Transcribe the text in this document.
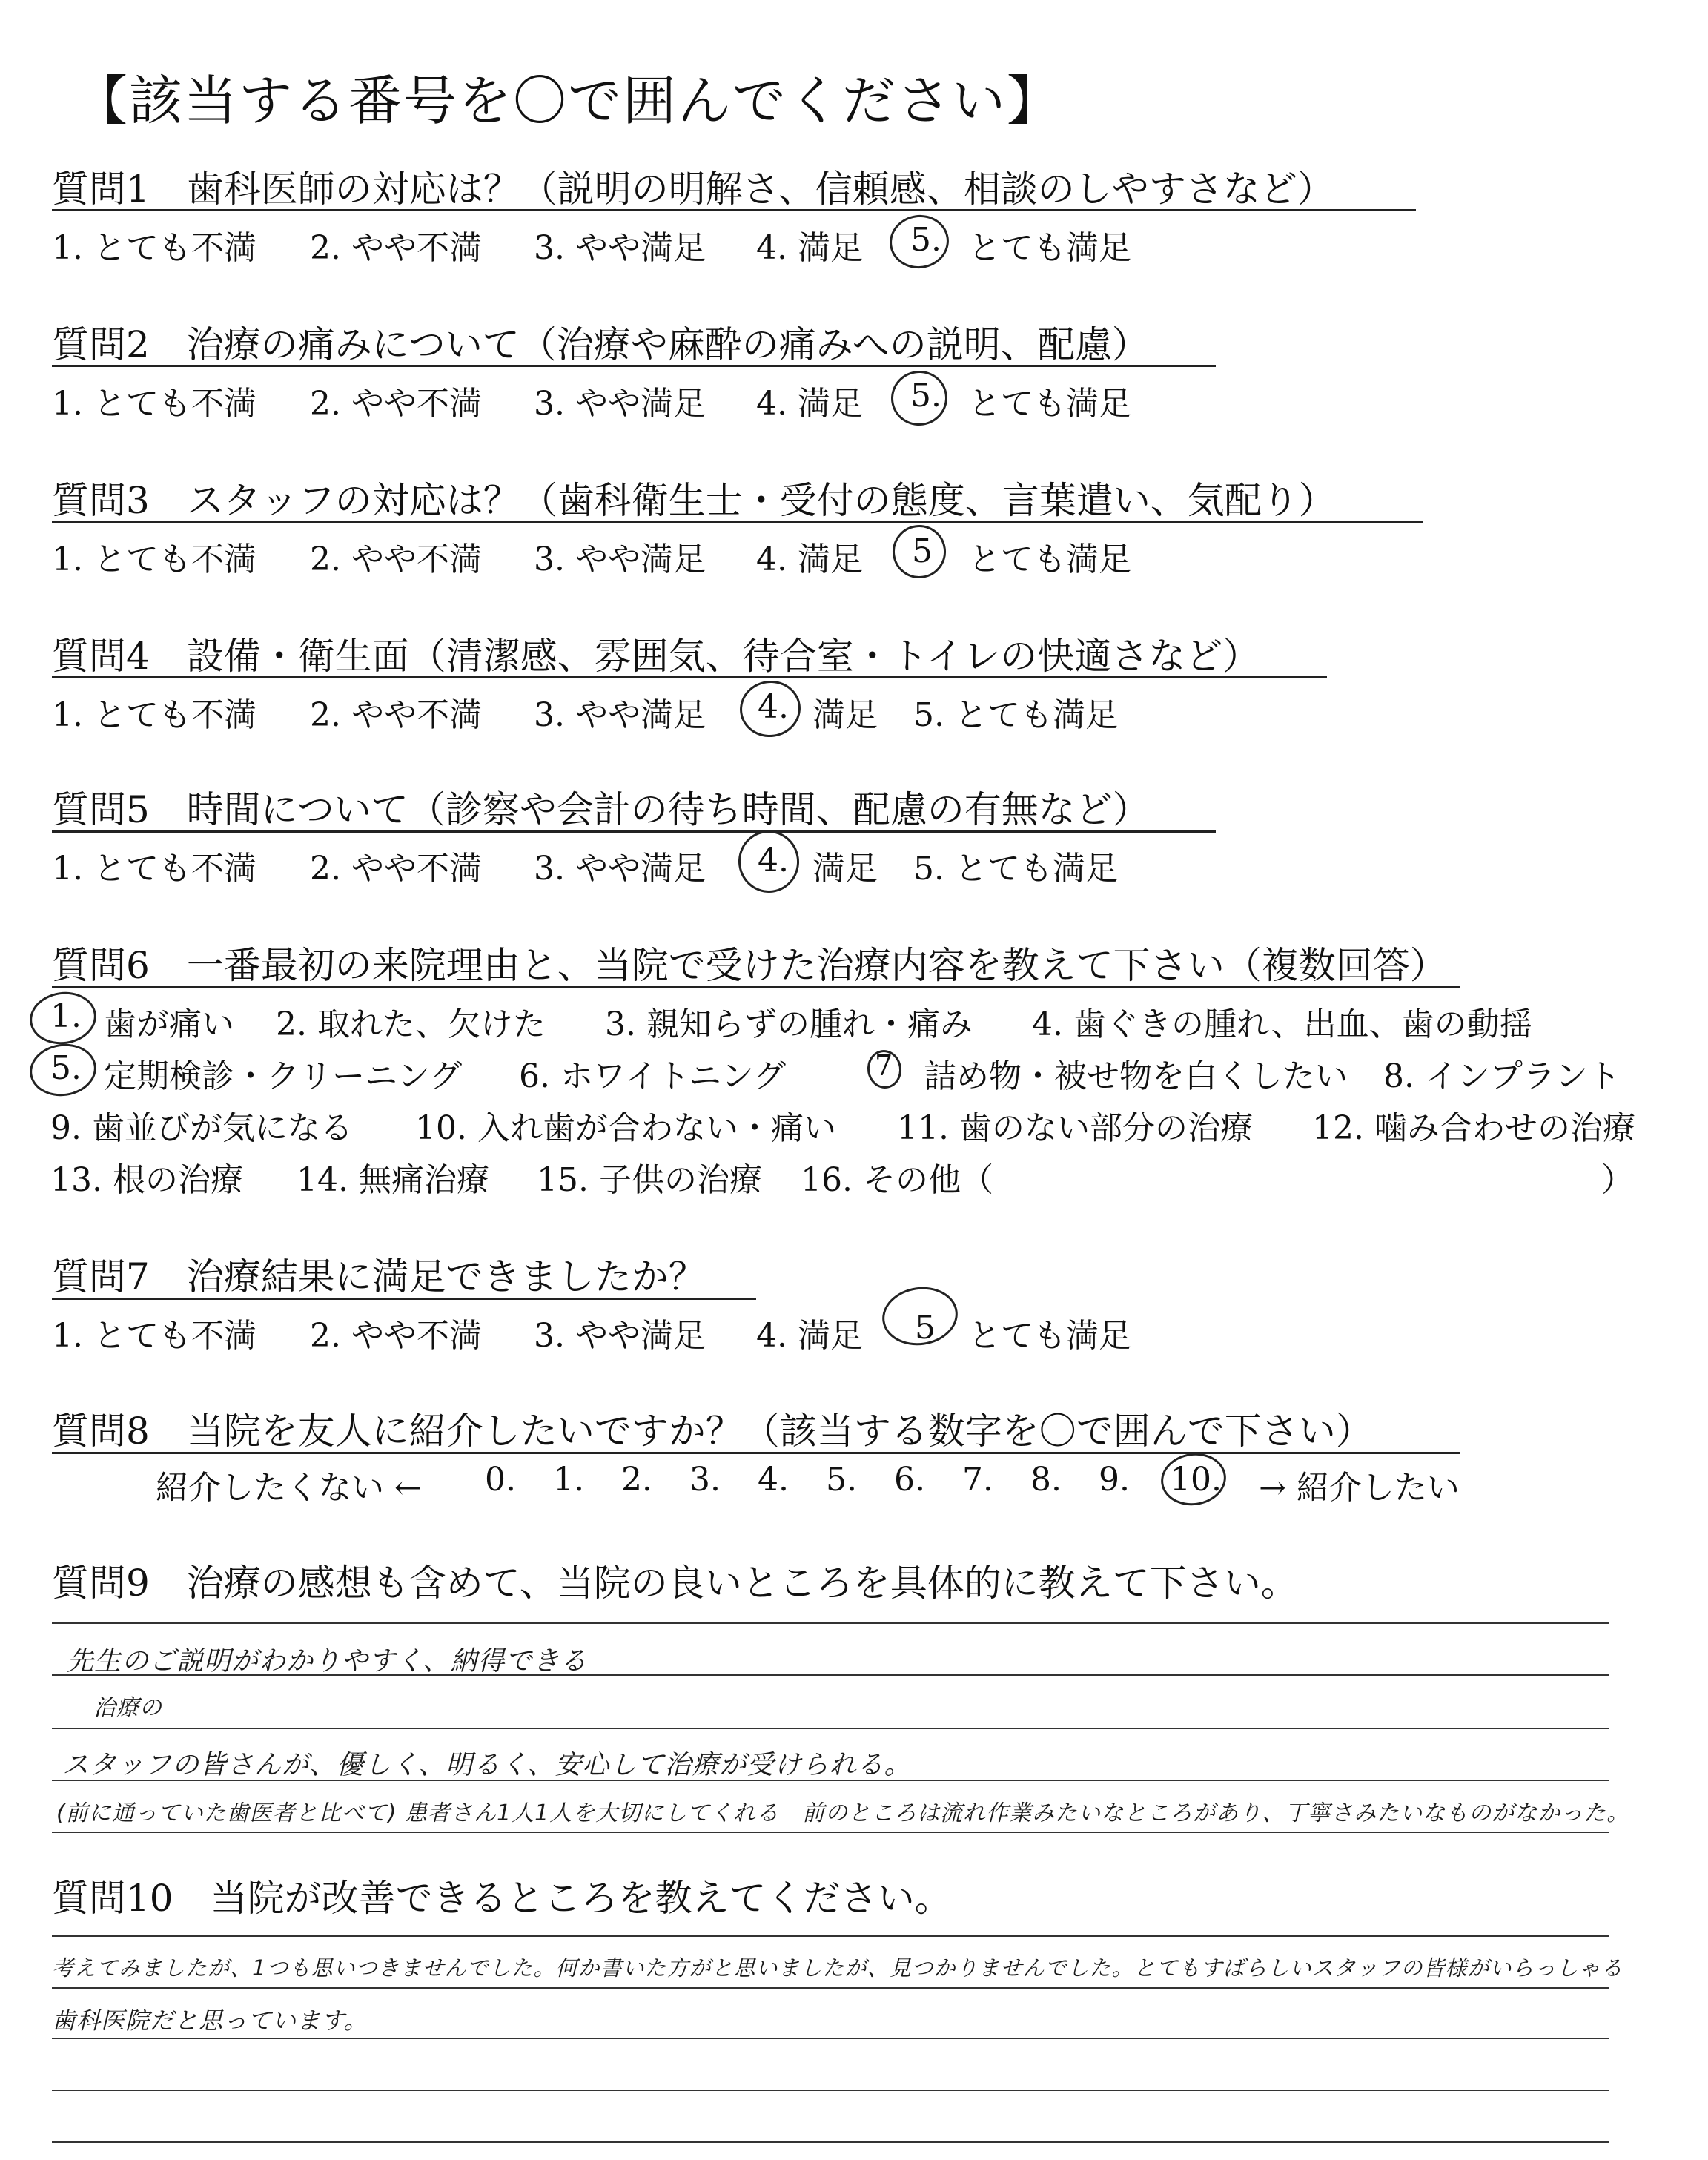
【該当する番号を〇で囲んでください】
質問1　歯科医師の対応は？（説明の明解さ、信頼感、相談のしやすさなど）
1. とても不満 2. やや不満 3. やや満足 4. 満足 5. とても満足
質問2　治療の痛みについて（治療や麻酔の痛みへの説明、配慮）
1. とても不満 2. やや不満 3. やや満足 4. 満足 5. とても満足
質問3　スタッフの対応は？（歯科衛生士・受付の態度、言葉遣い、気配り）
1. とても不満 2. やや不満 3. やや満足 4. 満足 5 とても満足
質問4　設備・衛生面（清潔感、雰囲気、待合室・トイレの快適さなど）
1. とても不満 2. やや不満 3. やや満足 4. 満足 5. とても満足
質問5　時間について（診察や会計の待ち時間、配慮の有無など）
1. とても不満 2. やや不満 3. やや満足 4. 満足 5. とても満足
質問6　一番最初の来院理由と、当院で受けた治療内容を教えて下さい（複数回答）
1. 歯が痛い 2. 取れた、欠けた 3. 親知らずの腫れ・痛み 4. 歯ぐきの腫れ、出血、歯の動揺
5. 定期検診・クリーニング 6. ホワイトニング	7 詰め物・被せ物を白くしたい 8. インプラント
9. 歯並びが気になる 10. 入れ歯が合わない・痛い 11. 歯のない部分の治療 12. 噛み合わせの治療
13. 根の治療 14. 無痛治療 15. 子供の治療 16. その他（	）
質問7　治療結果に満足できましたか？
1. とても不満 2. やや不満 3. やや満足 4. 満足 5 とても満足
質問8　当院を友人に紹介したいですか？（該当する数字を〇で囲んで下さい）
紹介したくない ← 0. 1. 2. 3. 4. 5. 6. 7. 8. 9. 10. → 紹介したい
質問9　治療の感想も含めて、当院の良いところを具体的に教えて下さい。
先生のご説明がわかりやすく、納得できる
治療の
スタッフの皆さんが、優しく、明るく、安心して治療が受けられる。
(前に通っていた歯医者と比べて) 患者さん1人1人を大切にしてくれる　前のところは流れ作業みたいなところがあり、丁寧さみたいなものがなかった。
質問10　当院が改善できるところを教えてください。
考えてみましたが、1つも思いつきませんでした。何か書いた方がと思いましたが、見つかりませんでした。とてもすばらしいスタッフの皆様がいらっしゃる
歯科医院だと思っています。
